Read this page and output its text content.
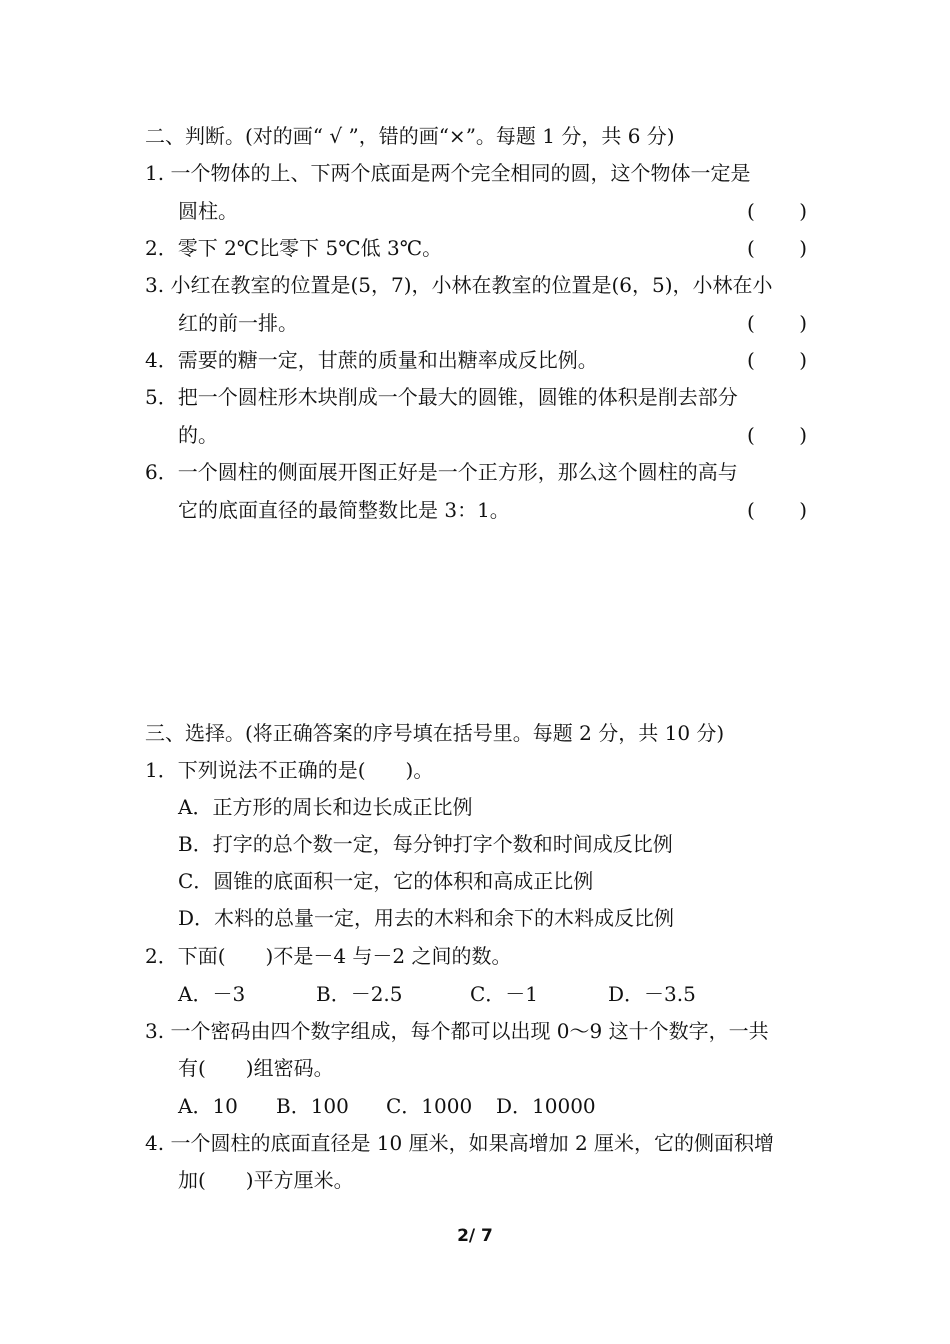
二、判断。(对的画“ √ ”，错的画“×”。每题 1 分，共 6 分)
1. 一个物体的上、下两个底面是两个完全相同的圆，这个物体一定是
圆柱。	( )
2．零下 2℃比零下 5℃低 3℃。	( )
3. 小红在教室的位置是(5，7)，小林在教室的位置是(6，5)，小林在小
红的前一排。	( )
4．需要的糖一定，甘蔗的质量和出糖率成反比例。	( )
5．把一个圆柱形木块削成一个最大的圆锥，圆锥的体积是削去部分
的。	( )
6．一个圆柱的侧面展开图正好是一个正方形，那么这个圆柱的高与
它的底面直径的最简整数比是 3：1。	( )
三、选择。(将正确答案的序号填在括号里。每题 2 分，共 10 分)
1．下列说法不正确的是(　　)。
A．正方形的周长和边长成正比例
B．打字的总个数一定，每分钟打字个数和时间成反比例
C．圆锥的底面积一定，它的体积和高成正比例
D．木料的总量一定，用去的木料和余下的木料成反比例
2．下面(　　)不是－4 与－2 之间的数。
A．－3	B．－2.5	C．－1	D．－3.5
3. 一个密码由四个数字组成，每个都可以出现 0～9 这十个数字，一共
有(　　)组密码。
A．10 B．100 C．1000 D．10000
4. 一个圆柱的底面直径是 10 厘米，如果高增加 2 厘米，它的侧面积增
加(　　)平方厘米。
2/ 7
